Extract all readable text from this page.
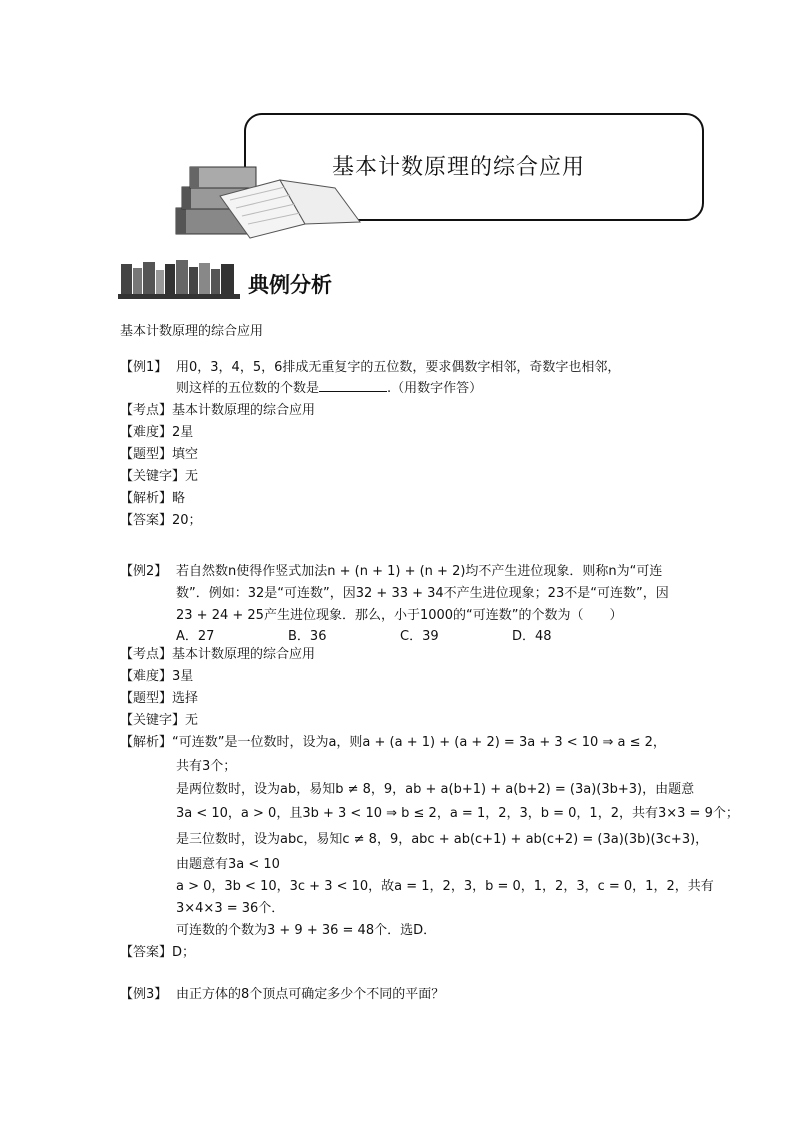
基本计数原理的综合应用
典例分析
基本计数原理的综合应用
【例1】 用0，3，4，5，6排成无重复字的五位数，要求偶数字相邻，奇数字也相邻，
则这样的五位数的个数是	.（用数字作答）
【考点】基本计数原理的综合应用
【难度】2星
【题型】填空
【关键字】无
【解析】略
【答案】20；
【例2】 若自然数n使得作竖式加法n + (n + 1) + (n + 2)均不产生进位现象．则称n为“可连
数”．例如：32是“可连数”，因32 + 33 + 34不产生进位现象；23不是“可连数”，因
23 + 24 + 25产生进位现象．那么，小于1000的“可连数”的个数为（　　）
A．27	B．36	C．39	D．48
【考点】基本计数原理的综合应用
【难度】3星
【题型】选择
【关键字】无
【解析】“可连数”是一位数时，设为a，则a + (a + 1) + (a + 2) = 3a + 3 < 10 ⇒ a ≤ 2，
共有3个；
是两位数时，设为ab，易知b ≠ 8，9，ab + a(b+1) + a(b+2) = (3a)(3b+3)，由题意
3a < 10，a > 0，且3b + 3 < 10 ⇒ b ≤ 2，a = 1，2，3，b = 0，1，2，共有3×3 = 9个；
是三位数时，设为abc，易知c ≠ 8，9，abc + ab(c+1) + ab(c+2) = (3a)(3b)(3c+3)，
由题意有3a < 10
a > 0，3b < 10，3c + 3 < 10，故a = 1，2，3，b = 0，1，2，3，c = 0，1，2，共有
3×4×3 = 36个．
可连数的个数为3 + 9 + 36 = 48个．选D．
【答案】D；
【例3】 由正方体的8个顶点可确定多少个不同的平面？
